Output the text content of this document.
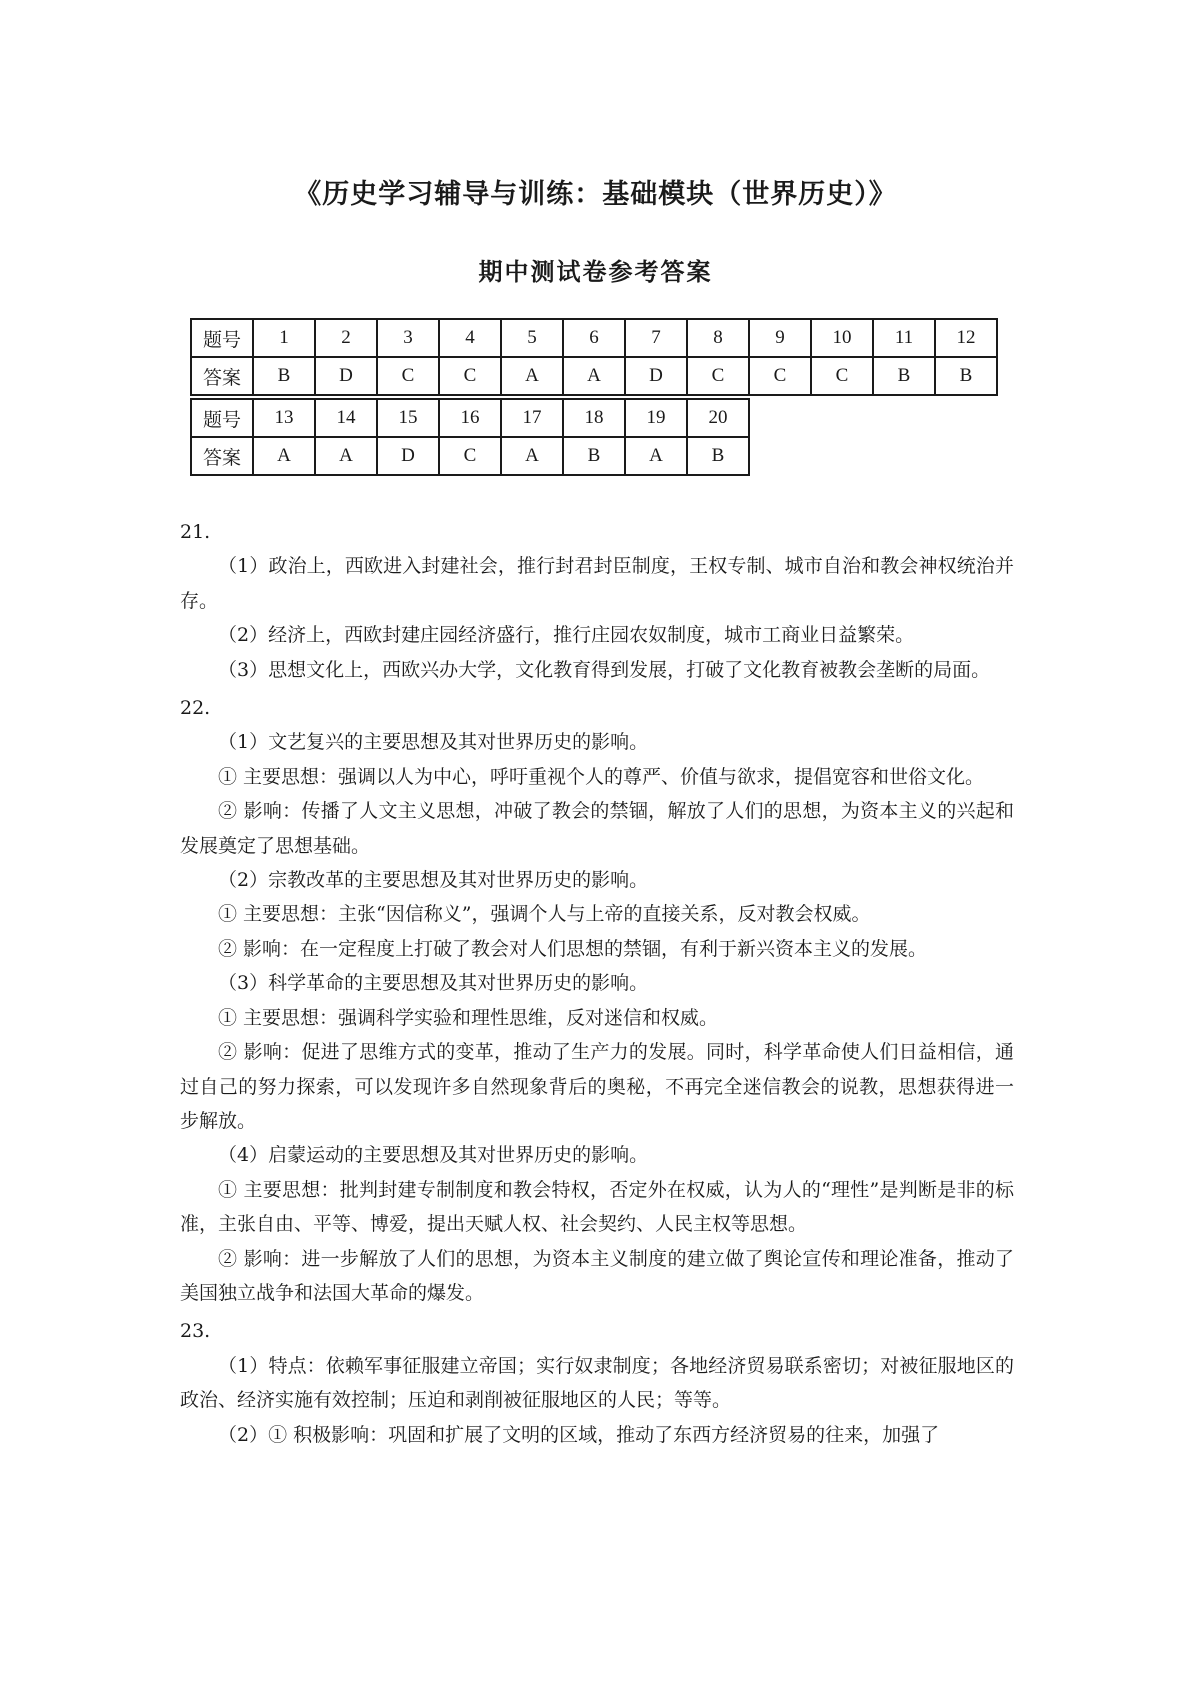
《历史学习辅导与训练：基础模块（世界历史）》
期中测试卷参考答案
题号	1	2	3	4	5	6	7	8	9	10	11	12
答案	B	D	C	C	A	A	D	C	C	C	B	B
题号	13	14	15	16	17	18	19	20
答案	A	A	D	C	A	B	A	B

21.

（1）政治上，西欧进入封建社会，推行封君封臣制度，王权专制、城市自治和教会神权统治并存。

（2）经济上，西欧封建庄园经济盛行，推行庄园农奴制度，城市工商业日益繁荣。

（3）思想文化上，西欧兴办大学，文化教育得到发展，打破了文化教育被教会垄断的局面。

22.

（1）文艺复兴的主要思想及其对世界历史的影响。

① 主要思想：强调以人为中心，呼吁重视个人的尊严、价值与欲求，提倡宽容和世俗文化。

② 影响：传播了人文主义思想，冲破了教会的禁锢，解放了人们的思想，为资本主义的兴起和发展奠定了思想基础。

（2）宗教改革的主要思想及其对世界历史的影响。

① 主要思想：主张“因信称义”，强调个人与上帝的直接关系，反对教会权威。

② 影响：在一定程度上打破了教会对人们思想的禁锢，有利于新兴资本主义的发展。

（3）科学革命的主要思想及其对世界历史的影响。

① 主要思想：强调科学实验和理性思维，反对迷信和权威。

② 影响：促进了思维方式的变革，推动了生产力的发展。同时，科学革命使人们日益相信，通过自己的努力探索，可以发现许多自然现象背后的奥秘，不再完全迷信教会的说教，思想获得进一步解放。

（4）启蒙运动的主要思想及其对世界历史的影响。

① 主要思想：批判封建专制制度和教会特权，否定外在权威，认为人的“理性”是判断是非的标准，主张自由、平等、博爱，提出天赋人权、社会契约、人民主权等思想。

② 影响：进一步解放了人们的思想，为资本主义制度的建立做了舆论宣传和理论准备，推动了美国独立战争和法国大革命的爆发。

23.

（1）特点：依赖军事征服建立帝国；实行奴隶制度；各地经济贸易联系密切；对被征服地区的政治、经济实施有效控制；压迫和剥削被征服地区的人民；等等。

（2）① 积极影响：巩固和扩展了文明的区域，推动了东西方经济贸易的往来，加强了
